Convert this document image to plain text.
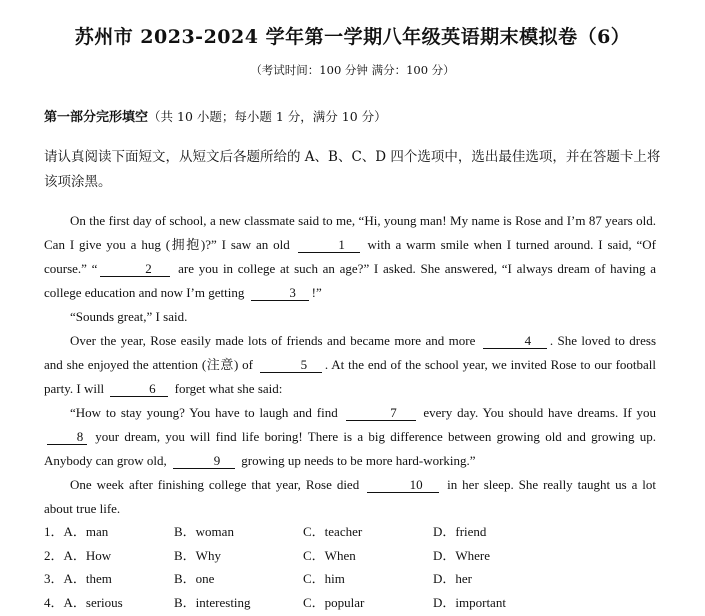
苏州市 2023-2024 学年第一学期八年级英语期末模拟卷（6）
（考试时间：100 分钟 满分：100 分）
第一部分完形填空（共 10 小题；每小题 1 分，满分 10 分）
请认真阅读下面短文，从短文后各题所给的 A、B、C、D 四个选项中，选出最佳选项，并在答题卡上将该项涂黑。

On the first day of school, a new classmate said to me, “Hi, young man! My name is Rose and I’m 87 years old. Can I give you a hug (拥抱)?” I saw an old	1 with a warm smile when I turned around. I said, “Of course.” “	2 are you in college at such an age?” I asked. She answered, “I always dream of having a college education and now I’m getting	3 !”

“Sounds great,” I said.

Over the year, Rose easily made lots of friends and became more and more	4 . She loved to dress and she enjoyed the attention (注意) of	5 . At the end of the school year, we invited Rose to our football party. I will	6 forget what she said:

“How to stay young? You have to laugh and find	7 every day. You should have dreams. If you 8 your dream, you will find life boring! There is a big difference between growing old and growing up. Anybody can grow old,	9 growing up needs to be more hard-working.”

One week after finishing college that year, Rose died	10 in her sleep. She really taught us a lot about true life.

1．A．man	B．woman	C．teacher	D．friend
2．A．How	B．Why	C．When	D．Where
3．A．them	B．one	C．him	D．her
4．A．serious	B．interesting	C．popular	D．important
